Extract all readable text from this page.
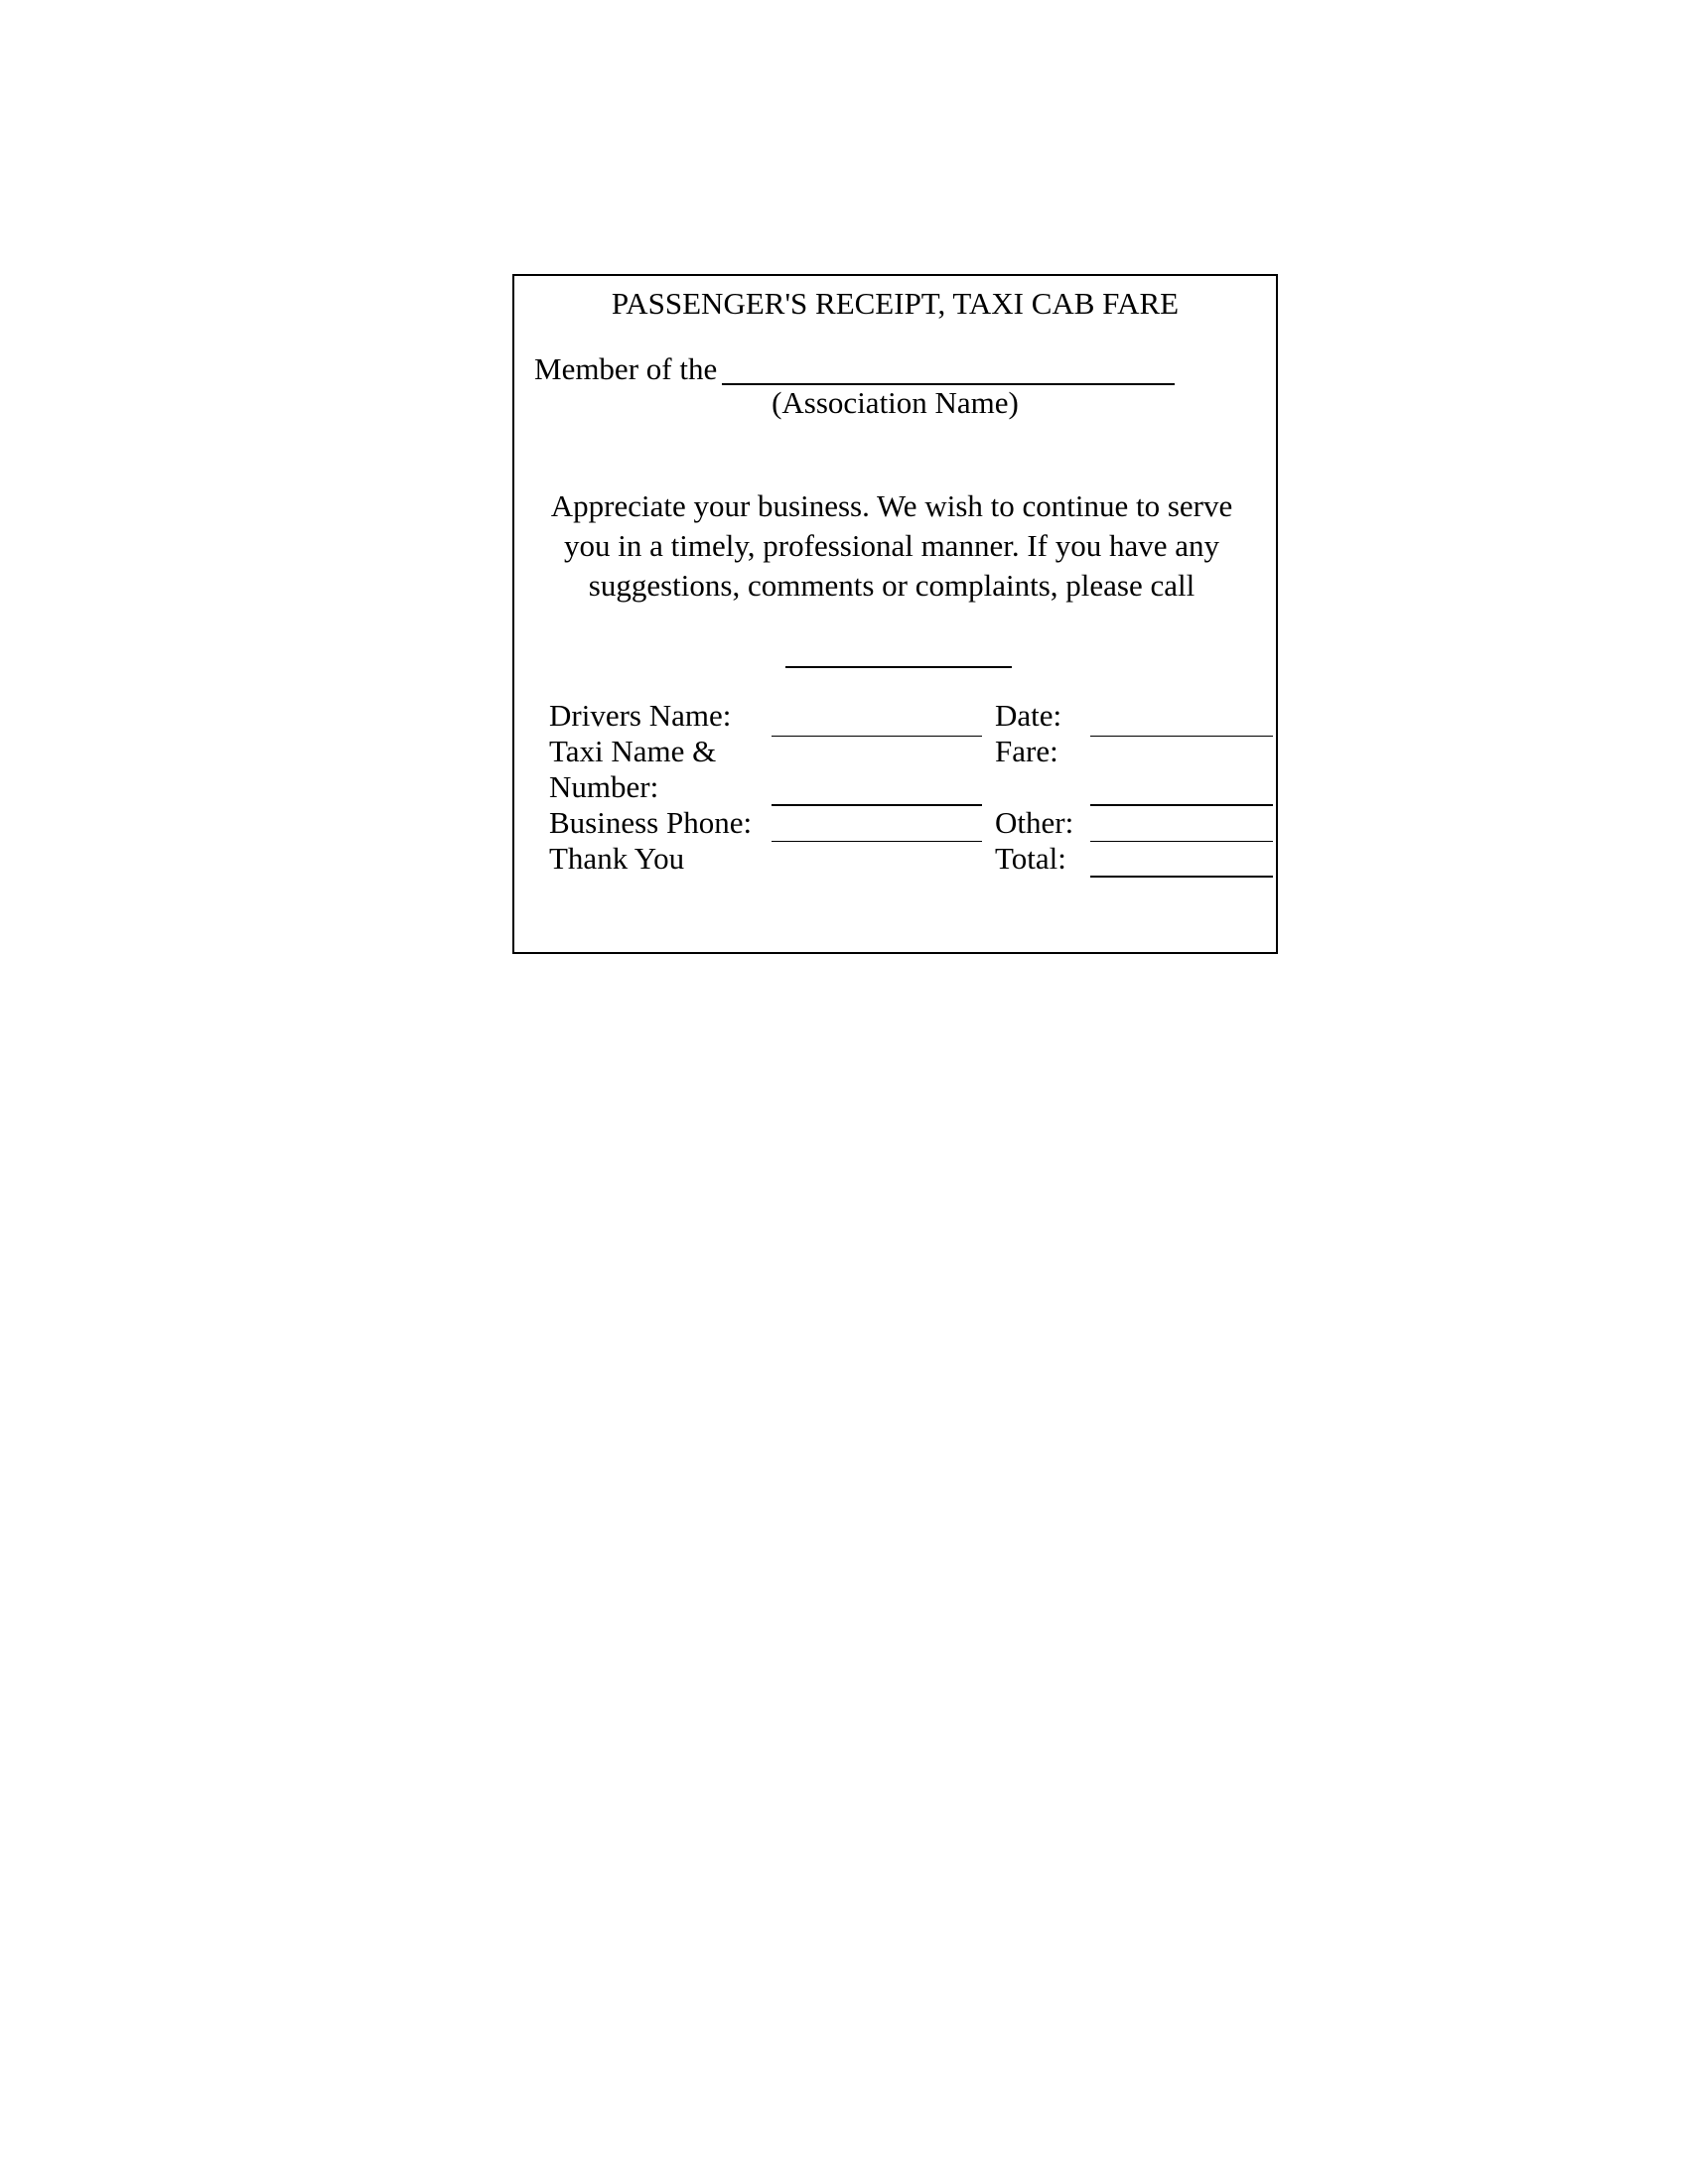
PASSENGER'S RECEIPT, TAXI CAB FARE
Member of the
(Association Name)
Appreciate your business. We wish to continue to serve
you in a timely, professional manner. If you have any
suggestions, comments or complaints, please call
Drivers Name:
Taxi Name &
Number:
Business Phone:
Thank You
Date:
Fare:
Other:
Total:
